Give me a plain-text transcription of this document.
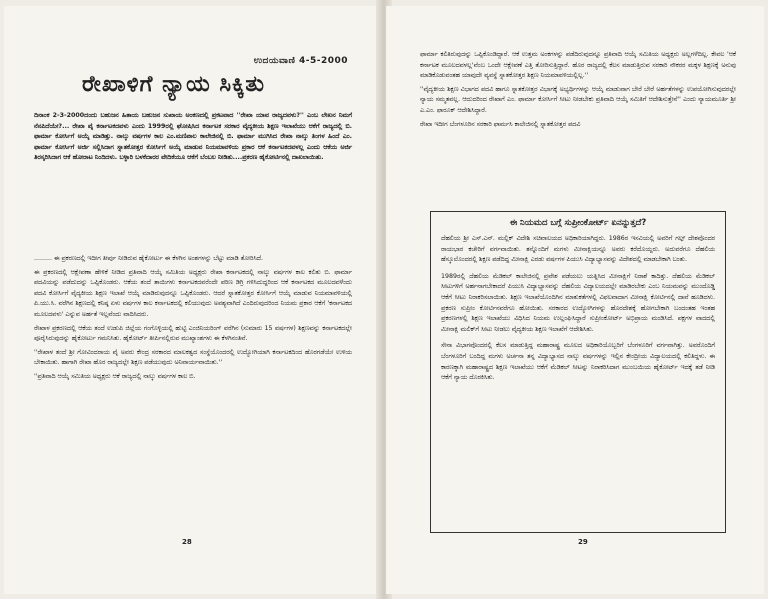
ಉದಯವಾಣಿ 4-5-2000
ರೇಖಾಳಿಗೆ ನ್ಯಾಯ ಸಿಕ್ಕಿತು

ದಿನಾಂಕ 2-3-2000ದಂದು ಬಹುಜನ ಹಿತಾಯ ಬಹುಜನ ಸುಖಾಯ ಅಂಕಣದಲ್ಲಿ ಪ್ರಕಟವಾದ ''ರೇಖಾ ಯಾವ ರಾಜ್ಯದವಳು?'' ಎಂಬ ಲೇಖನ ನಿಮಗೆ ನೆನಪಿದೆಯೇ?... ರೇಖಾ ಪೈ ಕರ್ನಾಟಕದವಳು ಎಂದು 1999ರಲ್ಲಿ ಘೋಷಿಸಿದ ಕರ್ನಾಟಕ ಸರಕಾರ ವೈದ್ಯಕೀಯ ಶಿಕ್ಷಣ ಇಲಾಖೆಯು ಆಕೆಗೆ ರಾಜ್ಯದಲ್ಲಿ ಬಿ. ಫಾರ್ಮಾ ಕೋರ್ಸಿಗೆ ಅಯ್ಕೆ ಮಾಡಿತ್ತು. ನಾಲ್ಕು ವರ್ಷಗಳ ಕಾಲ ಎಂ.ಮಣಿಪಾಲ ಕಾಲೇಜಿನಲ್ಲಿ ಬಿ. ಫಾರ್ಮಾ ಮುಗಿಸಿದ ರೇಖಾ ನಾಲ್ಕು ತಿಂಗಳ ಹಿಂದೆ ಎಂ. ಫಾರ್ಮಾ ಕೋರ್ಸಿಗೆ ಅರ್ಜಿ ಸಲ್ಲಿಸಿದಾಗ ಸ್ನಾತಕೋತ್ತರ ಕೋರ್ಸಿಗೆ ಅಯ್ಕೆ ಮಾಡುವ ನಿಯಮಾವಳಿಯ ಪ್ರಕಾರ ಆಕೆ ಕರ್ನಾಟಕದವಳಲ್ಲ ಎಂದು ಆಕೆಯ ಅರ್ಜಿ ತಿರಸ್ಕರಿಸಿದಾಗ ಆಕೆ ಹೋರಾಟ ನಿಂದಿದಳು. ಬಳ್ಳಾರಿ ಬಳಕೆದಾರರ ವೇದಿಕೆಯೂ ಆಕೆಗೆ ಬೆಂಬಲ ನೀಡಿತು....ಪ್ರಕರಣ ಹೈಕೋರ್ಟಿನಲ್ಲಿ ದಾಖಲಾಯಿತು.

......... ಈ ಪ್ರಕರಣದಲ್ಲಿ ಇದೀಗ ತೀರ್ಪು ನೀಡಿರುವ ಹೈಕೋರ್ಟು ಈ ಕೆಳಗಿನ ಅಂಶಗಳನ್ನು ಬೆಟ್ಟು ಮಾಡಿ ತೋರಿಸಿದೆ.

ಈ ಪ್ರಕರಣದಲ್ಲಿ ಆಕ್ಷೇಪಣಾ ಹೇಳಿಕೆ ನೀಡಿದ ಪ್ರತಿವಾದಿ ಆಯ್ಕೆ ಸಮಿತಿಯ ಅಧ್ಯಕ್ಷರು ರೇಖಾ ಕರ್ನಾಟಕದಲ್ಲಿ ನಾಲ್ಕು ವರ್ಷಗಳ ಕಾಲ ಕಲಿತು ಬಿ. ಫಾರ್ಮಾ ಪದವಿಯನ್ನು ಪಡೆದುದನ್ನು ಒಪ್ಪಿಕೊಂಡರು. ಆಕೆಯ ತಂದೆ ತಾಯಿಗಳು ಕರ್ನಾಟಕದವರೆಂದೇ ಪರಿಣ ಡಿಗ್ರಿ ಗಳಿಸಿದುದ್ದರಿಂದ ಆಕೆ ಕರ್ನಾಟಕದ ಮೂಲದವಳೆಂದು ಪದವಿ ಕೋರ್ಸಿಗೆ ವೈದ್ಯಕೀಯ ಶಿಕ್ಷಣ ಇಲಾಖೆ ಆಯ್ಕೆ ಮಾಡಿರುವುದನ್ನೂ ಒಪ್ಪಿಕೊಂಡರು. ಆದರೆ ಸ್ನಾತಕೋತ್ತರ ಕೋರ್ಸಿಗೆ ಆಯ್ಕೆ ಮಾಡುವ ನಿಯಮಾವಳಿಯಲ್ಲಿ ಪಿ.ಯು.ಸಿ. ವರೆಗಿನ ಶಿಕ್ಷಣದಲ್ಲಿ ಕನಿಷ್ಠ ಏಳು ವರ್ಷಗಳ ಕಾಲ ಕರ್ನಾಟಕದಲ್ಲಿ ಕಲಿಯುವುದು ಅವಶ್ಯವಾಗಿದೆ ಎಂದಿರುವುದರಿಂದ ನಿಯಮ ಪ್ರಕಾರ ಆಕೆಗೆ 'ಕರ್ನಾಟಕದ ಮೂಲದವಳು' ಎನ್ನುವ ಅರ್ಹತೆ ಇಲ್ಲವೆಂದು ವಾದಿಸಿದರು.

ರೇಖಾಳ ಪ್ರಕರಣದಲ್ಲಿ ಆಕೆಯ ತಂದೆ ಉಡುಪಿ ಜಿಲ್ಲೆಯ ಗಂಗೊಳ್ಳಿಯಲ್ಲಿ ಹುಟ್ಟಿ ಎಂಜಿನಿಯರಿಂಗ್ ವರೆಗಿನ (ಸುಮಾರು 15 ವರ್ಷಗಳ) ಶಿಕ್ಷಣವನ್ನು ಕರ್ನಾಟಕದಲ್ಲೇ ಪೂರೈಸಿರುವುದನ್ನು ಹೈಕೋರ್ಟು ಗಮನಿಸಿತು. ಹೈಕೋರ್ಟ್ ತೀರ್ಪಿನಲ್ಲಿರುವ ಮುಖ್ಯಾಂಶಗಳು ಈ ಕೆಳಗಿನಂತಿವೆ.

''ರೇಖಾಳ ತಂದೆ ಶ್ರೀ ಗೋವಿಂದರಾಯ ಪೈ ಅವರು ಕೇಂದ್ರ ಸರಕಾರದ ಮಾಲಕತ್ವದ ಸಂಸ್ಥೆಯೊಂದರಲ್ಲಿ ಉದ್ಯೋಗಿಯಾಗಿ ಕರ್ನಾಟಕದಿಂದ ಹೊರಗಡೆಯೇ ಉಳಿಯ ಬೇಕಾಯಿತು. ಹಾಗಾಗಿ ರೇಖಾ ಹೊರ ರಾಜ್ಯದಲ್ಲೇ ಶಿಕ್ಷಣ ಪಡೆಯುವುದು ಅನಿವಾರ್ಯವಾಯಿತು.''

''ಪ್ರತಿವಾದಿ ಆಯ್ಕೆ ಸಮಿತಿಯ ಅಧ್ಯಕ್ಷರು ಆಕೆ ರಾಜ್ಯದಲ್ಲಿ ನಾಲ್ಕು ವರ್ಷಗಳ ಕಾಲ ಬಿ.

28

ಫಾರ್ಮಾ ಕಲಿತಿರುವುದನ್ನು ಒಪ್ಪಿಕೊಂಡಿದ್ದಾರೆ. ಆಕೆ ಉತ್ತಮ ಅಂಕಗಳನ್ನು ಪಡೆದಿರುವುದನ್ನೂ ಪ್ರತಿವಾದಿ ಆಯ್ಕೆ ಸಮಿತಿಯ ಅಧ್ಯಕ್ಷರು ಅಲ್ಲಗಳೆದಿಲ್ಲ. ಕೇವಲ 'ಆಕೆ ಕರ್ನಾಟಕ ಮೂಲದವಳಲ್ಲ'ವೆಂಬ ಒಂದೇ ಆಕ್ಷೇಪಣೆ ಎತ್ತಿ ತೋರಿಸುತ್ತಿದ್ದಾರೆ. ಹೊರ ರಾಜ್ಯದಲ್ಲಿ ಕೆಲಸ ಮಾಡುತ್ತಿರುವ ಸರಕಾರಿ ನೌಕರರ ಮಕ್ಕಳ ಶಿಕ್ಷಣಕ್ಕೆ ಅನುವು ಮಾಡಿಕೊಡುವಂತಹ ಯಾವುದೇ ವ್ಯವಸ್ಥೆ ಸ್ನಾತಕೋತ್ತರ ಶಿಕ್ಷಣ ನಿಯಮಾವಳಿಯಲ್ಲಿಲ್ಲ.''

''ವೈದ್ಯಕೀಯ ಶಿಕ್ಷಣ ವಿಭಾಗದ ಪದವಿ ಹಾಗೂ ಸ್ನಾತಕೋತ್ತರ ವಿಭಾಗಕ್ಕೆ ಅಭ್ಯರ್ಥಿಗಳನ್ನು ಆಯ್ಕೆ ಮಾಡುವಾಗ ಬೇರೆ ಬೇರೆ ಅರ್ಹತೆಗಳನ್ನು ಉಪಯೋಗಿಸುವುದರಲ್ಲೇ ನ್ಯಾಯ ಸಮ್ಮತವಲ್ಲ. ಆದುದರಿಂದ ರೇಖಾಗೆ ಎಂ. ಫಾರ್ಮಾ ಕೋರ್ಸಿಗೆ ಸೀಟು ನೀಡಬೇಕು ಪ್ರತಿವಾದಿ ಆಯ್ಕೆ ಸಮಿತಿಗೆ ಆದೇಶಿಸುತ್ತೇನೆ'' ಎಂದು ನ್ಯಾಯಮೂರ್ತಿ ಶ್ರೀ ಎ.ಎಂ. ಫಾರೂಕ್ ಆದೇಶಿಸಿದ್ದಾರೆ.

ರೇಖಾ ಇದೀಗ ಬೆಂಗಳೂರಿನ ಸರಕಾರಿ ಫಾರ್ಮಸಿ ಕಾಲೇಜಿನಲ್ಲಿ ಸ್ನಾತಕೋತ್ತರ ಪದವಿ

29
ಈ ನಿಯಮದ ಬಗ್ಗೆ ಸುಪ್ರೀಂಕೋರ್ಟ್ ಏನನ್ನುತ್ತದೆ?

ದೆಹಲಿಯ ಶ್ರೀ ಎಸ್.ಎನ್. ಮಲ್ಲಿಕ್ ವಿದೇಶಿ ಸಚಿವಾಲಯದ ಅಧಿಕಾರಿಯಾಗಿದ್ದರು. 1986ರ ಇಸವಿಯಲ್ಲಿ ಅವರಿಗೆ ಗಲ್ಫ್ ದೇಶವೊಂದರ ರಾಯಭಾರ ಕಚೇರಿಗೆ ವರ್ಗವಾಯಿತು. ತನ್ನೊಂದಿಗೆ ಮಗಳು ಮೀನಾಕ್ಷಿಯನ್ನೂ ಅವರು ಕರೆದೊಯ್ದರು. ಅದುವರೆಗೂ ದೆಹಲಿಯ ಹೆಸ್ಕೂಲೊಂದರಲ್ಲಿ ಶಿಕ್ಷಣ ಪಡೆದಿದ್ದ ಮೀನಾಕ್ಷಿ ಎರಡು ವರ್ಷಗಳ ಪಿಯುಸಿ ವಿದ್ಯಾಭ್ಯಾಸವನ್ನು ವಿದೇಶದಲ್ಲಿ ಮಾಡಬೇಕಾಗಿ ಬಂತು.

1989ರಲ್ಲಿ ದೆಹಲಿಯ ಮೆಡಿಕಲ್ ಕಾಲೇಜಿನಲ್ಲಿ ಪ್ರವೇಶ ಪಡೆಯಲು ಯತ್ನಿಸಿದ ಮೀನಾಕ್ಷಿಗೆ ನಿರಾಶೆ ಕಾದಿತ್ತು. ದೆಹಲಿಯ ಮೆಡಿಕಲ್ ಸೀಟುಗಳಿಗೆ ಅರ್ಹನಾಗಬೇಕಾದರೆ ಪಿಯುಸಿ ವಿದ್ಯಾಭ್ಯಾಸವನ್ನು ದೆಹಲಿಯ ವಿದ್ಯಾಲಯದಲ್ಲೇ ಮಾಡಿರಬೇಕು ಎಂಬ ನಿಯಮವನ್ನು ಮುಂದೊಡ್ಡಿ ಆಕೆಗೆ ಸೀಟು ನಿರಾಕರಿಸಲಾಯಿತು. ಶಿಕ್ಷಣ ಇಲಾಖೆಯೊಂದಿಗಿನ ಮಾತುಕತೆಗಳಲ್ಲಿ ವಿಫಲವಾದಾಗ ಮೀನಾಕ್ಷಿ ಕೋರ್ಟಿನಲ್ಲಿ ದಾವೆ ಹೂಡಿದಳು. ಪ್ರಕರಣ ಸುಪ್ರೀಂ ಕೋರ್ಟಿನವರೆಗೂ ಹೋಯಿತು. ಸರಕಾರದ ಉದ್ಯೋಗಿಗಳನ್ನು ಹೊರದೇಶಕ್ಕೆ ಹೋಗಬೇಕಾಗಿ ಬಂದಂತಹ ಇಂತಹ ಪ್ರಕರಣಗಳಲ್ಲಿ ಶಿಕ್ಷಣ ಇಲಾಖೆಯು ವಿಧಿಸಿದ ನಿಯಮ ಉಲ್ಲಂಘಿಸಿದ್ದಾರೆ ಸುಪ್ರೀಂಕೋರ್ಟ್ ಅಭಿಪ್ರಾಯ ಮಂಡಿಸಿದೆ. ಪಕ್ಷಗಳ ವಾದದಲ್ಲಿ ಮೀನಾಕ್ಷಿ ಮಲಿಕ್‌ಗೆ ಸೀಟು ನೀಡಲು ವೈದ್ಯಕೀಯ ಶಿಕ್ಷಣ ಇಲಾಖೆಗೆ ಆದೇಶಿಸಿತು.

ಸೇನಾ ವಿಭಾಗವೊಂದರಲ್ಲಿ ಕೆಲಸ ಮಾಡುತ್ತಿದ್ದ ಮಹಾರಾಷ್ಟ್ರ ಮೂಲದ ಅಧಿಕಾರಿಯೊಬ್ಬರಿಗೆ ಬೆಂಗಳೂರಿಗೆ ವರ್ಗವಾಗಿತ್ತು. ಅವರೊಂದಿಗೆ ಬೆಂಗಳೂರಿಗೆ ಬಂದಿದ್ದ ಮಗಳು ಅರ್ಚನಾ ತನ್ನ ವಿದ್ಯಾಭ್ಯಾಸದ ನಾಲ್ಕು ವರ್ಷಗಳನ್ನು ಇಲ್ಲಿನ ಕೇಂದ್ರೀಯ ವಿದ್ಯಾಲಯದಲ್ಲಿ ಕಲಿತಿದ್ದಳು. ಈ ಕಾರಣಕ್ಕಾಗಿ ಮಹಾರಾಷ್ಟ್ರದ ಶಿಕ್ಷಣ ಇಲಾಖೆಯು ಆಕೆಗೆ ಮೆಡಿಕಲ್ ಸೀಟನ್ನು ನಿರಾಕರಿಸಿದಾಗ ಮುಂಬಯಿಯ ಹೈಕೋರ್ಟ್ ಇದಕ್ಕೆ ತಡೆ ನೀಡಿ ಆಕೆಗೆ ನ್ಯಾಯ ದೊರಕಿಸಿತು.
